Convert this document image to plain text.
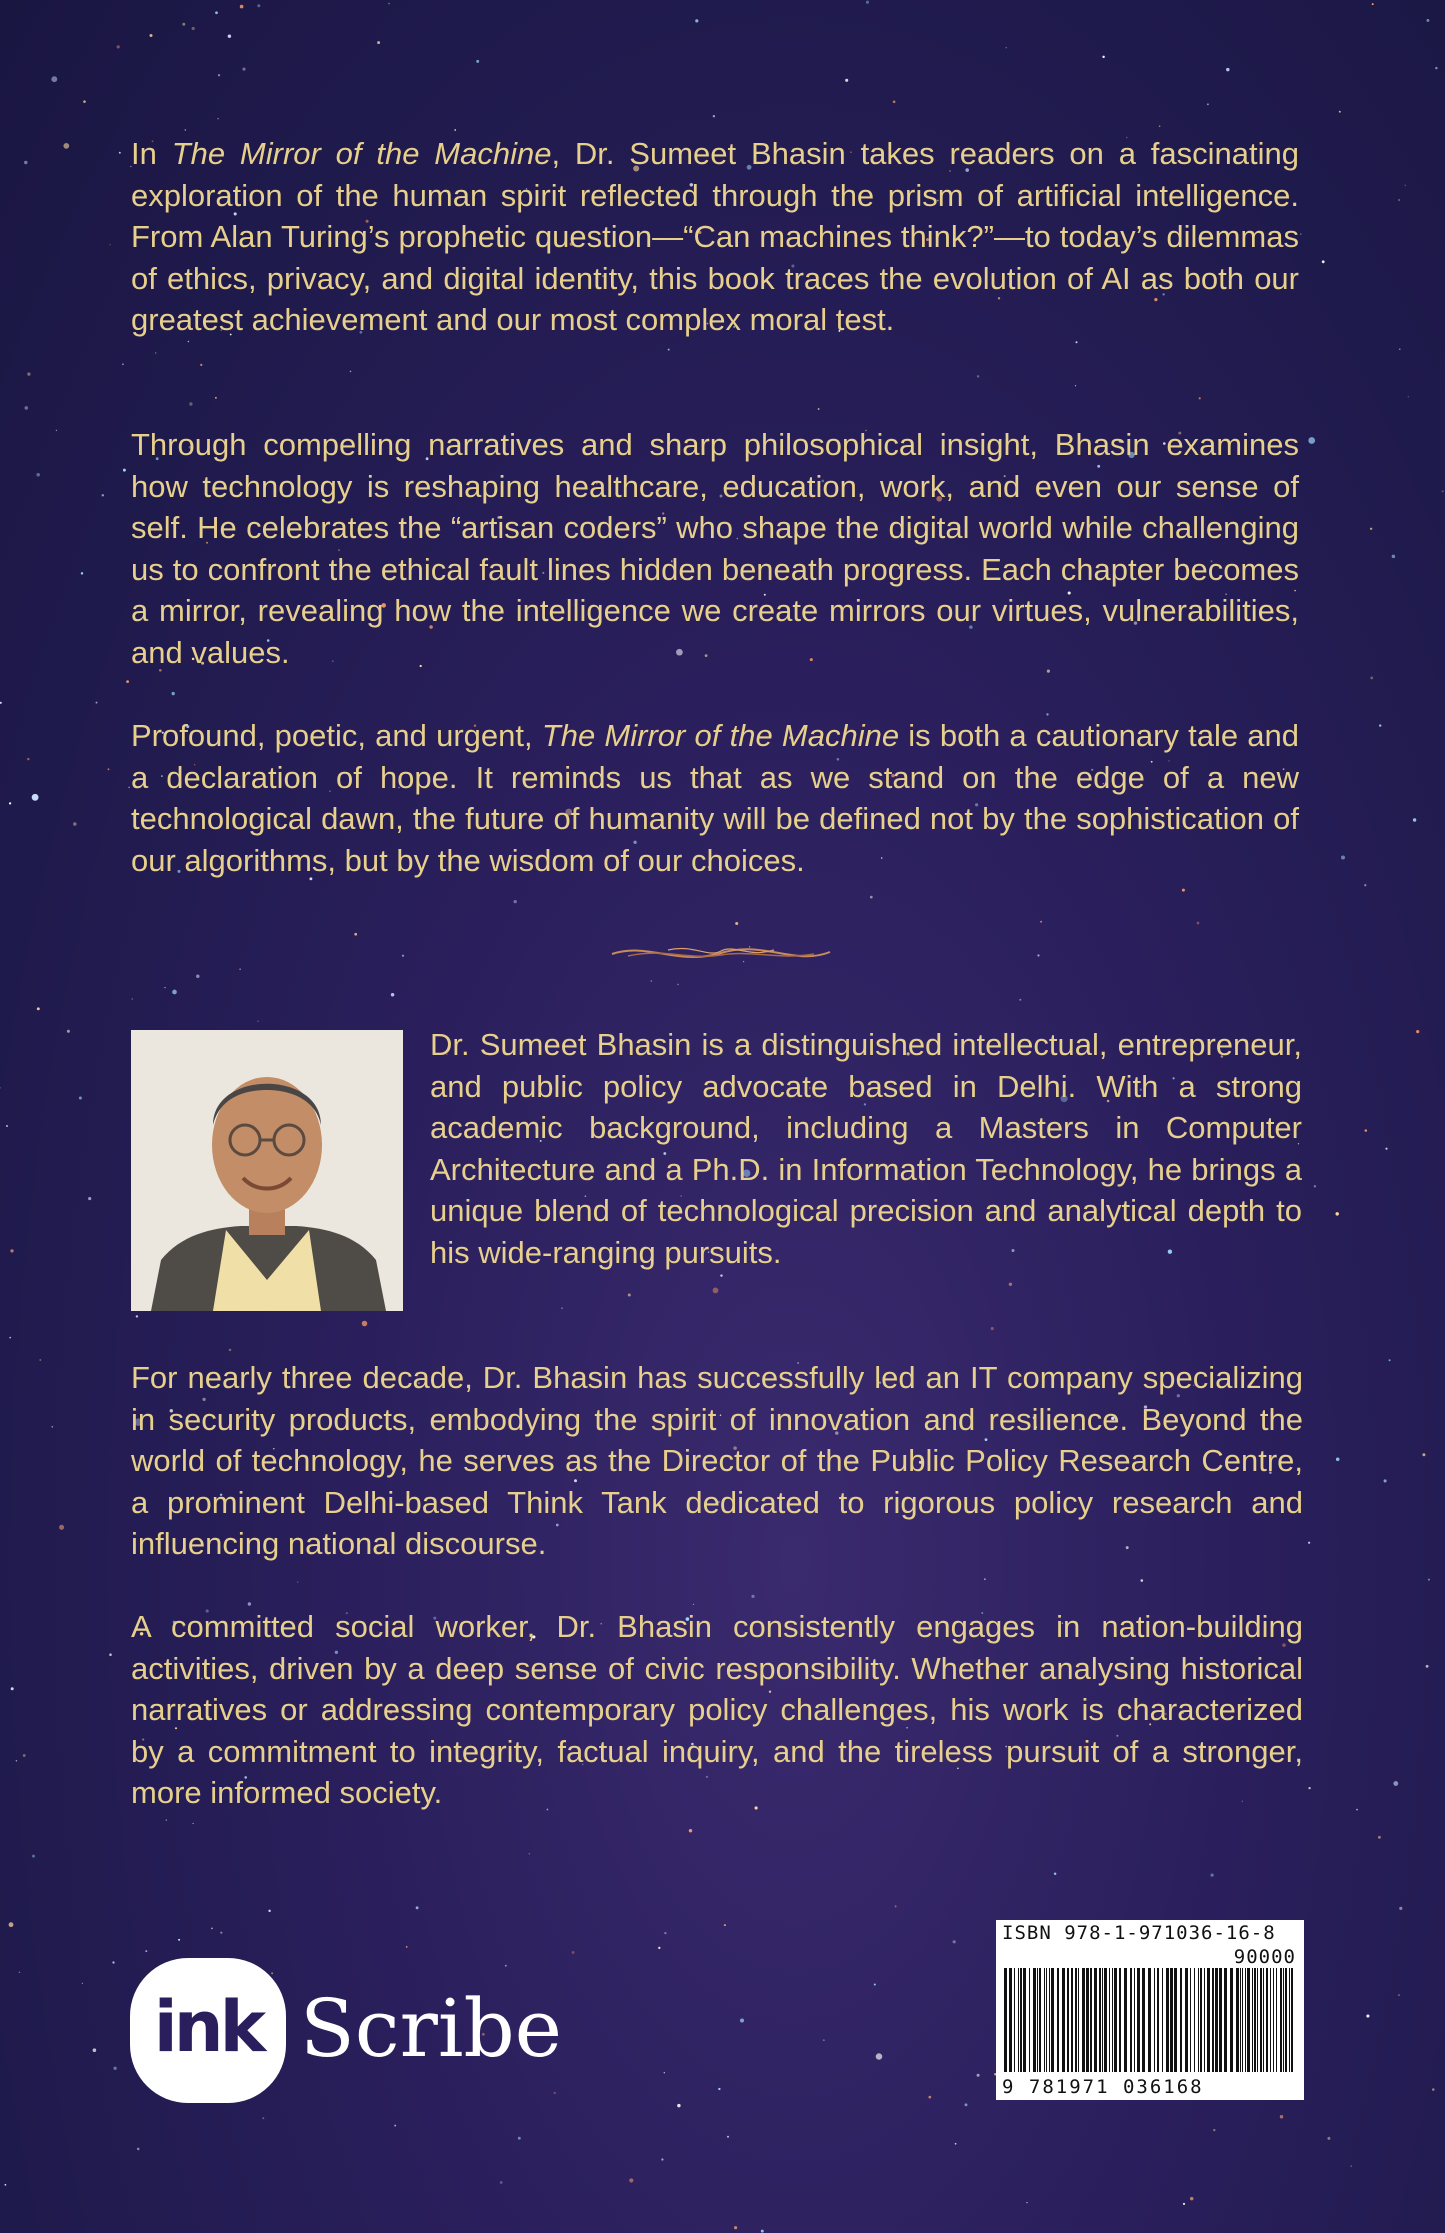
In The Mirror of the Machine, Dr. Sumeet Bhasin takes readers on a fascinating exploration of the human spirit reflected through the prism of artificial intelligence. From Alan Turing’s prophetic question—“Can machines think?”—to today’s dilemmas of ethics, privacy, and digital identity, this book traces the evolution of AI as both our greatest achievement and our most complex moral test.

Through compelling narratives and sharp philosophical insight, Bhasin examines how technology is reshaping healthcare, education, work, and even our sense of self. He celebrates the “artisan coders” who shape the digital world while challenging us to confront the ethical fault lines hidden beneath progress. Each chapter becomes a mirror, revealing how the intelligence we create mirrors our virtues, vulnerabilities, and values.

Profound, poetic, and urgent, The Mirror of the Machine is both a cautionary tale and a declaration of hope. It reminds us that as we stand on the edge of a new technological dawn, the future of humanity will be defined not by the sophistication of our algorithms, but by the wisdom of our choices.

Dr. Sumeet Bhasin is a distinguished intellectual, entrepreneur, and public policy advocate based in Delhi. With a strong academic background, including a Masters in Computer Architecture and a Ph.D. in Information Technology, he brings a unique blend of technological precision and analytical depth to his wide-ranging pursuits.

For nearly three decade, Dr. Bhasin has successfully led an IT company specializing in security products, embodying the spirit of innovation and resilience. Beyond the world of technology, he serves as the Director of the Public Policy Research Centre, a prominent Delhi-based Think Tank dedicated to rigorous policy research and influencing national discourse.

A committed social worker, Dr. Bhasin consistently engages in nation-building activities, driven by a deep sense of civic responsibility. Whether analysing historical narratives or addressing contemporary policy challenges, his work is characterized by a commitment to integrity, factual inquiry, and the tireless pursuit of a stronger, more informed society.

ink Scribe
ISBN 978-1-971036-16-8
90000
9 781971 036168
